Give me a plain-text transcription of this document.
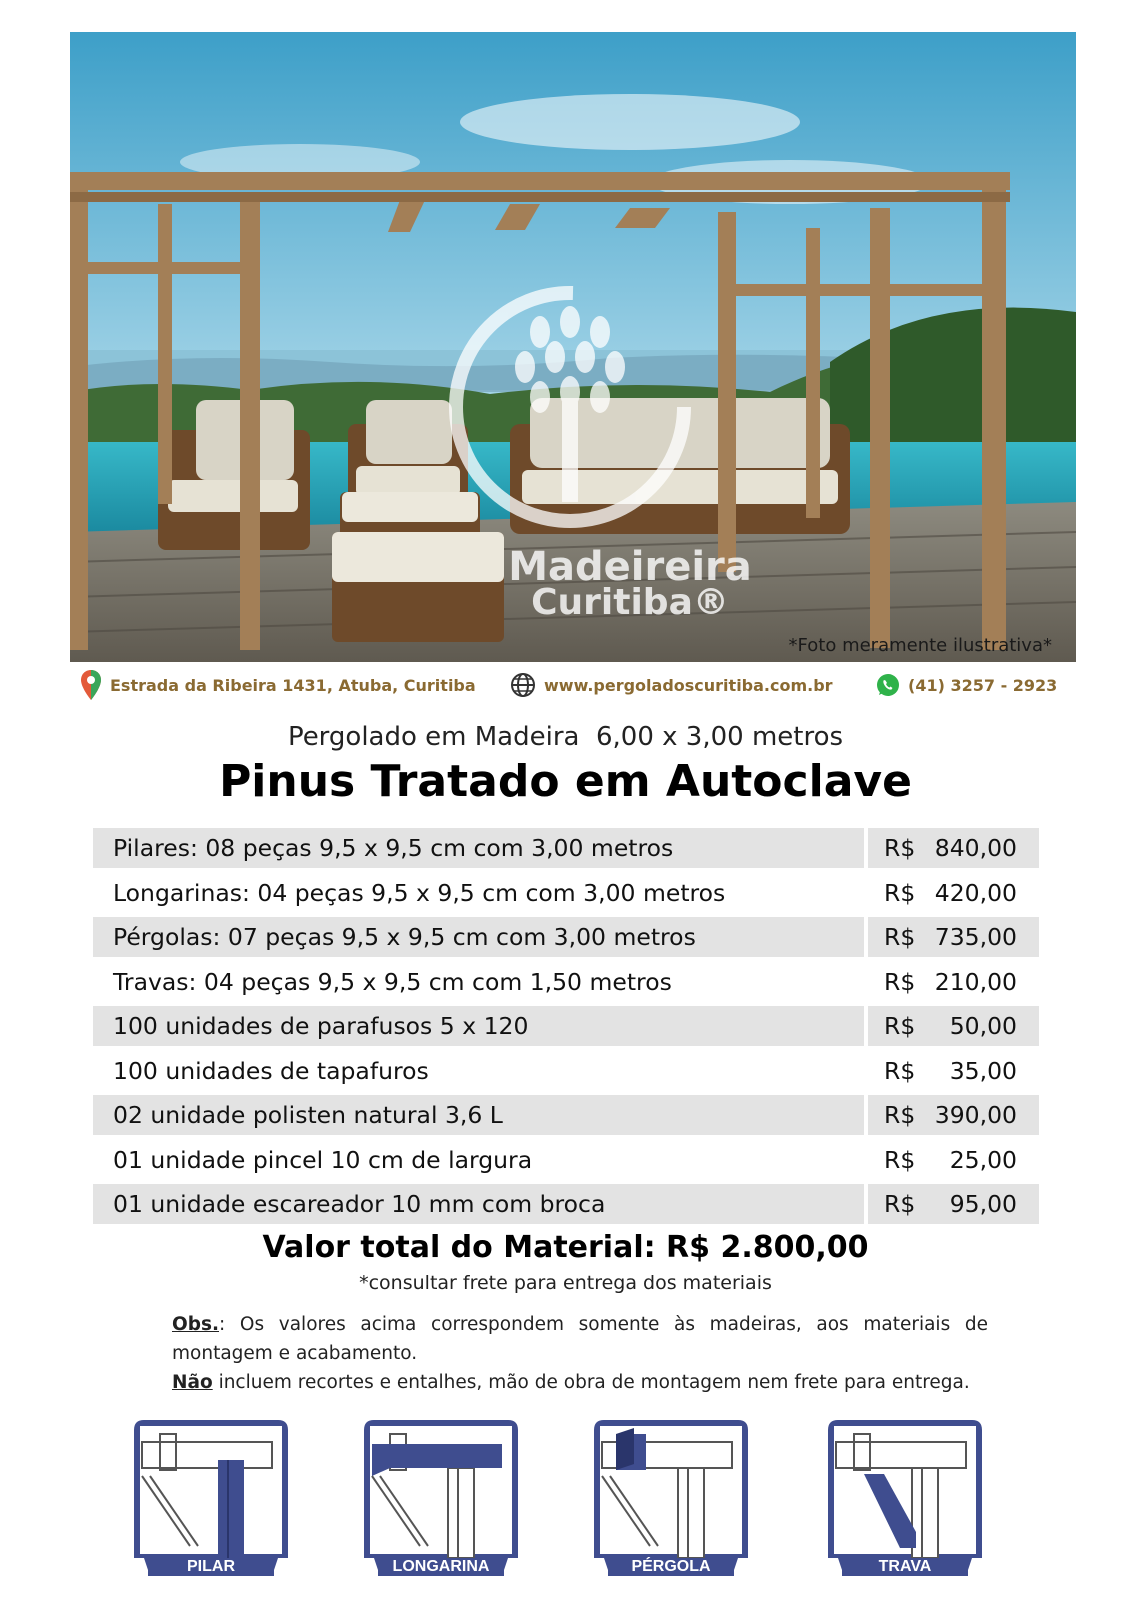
Madeireira
Curitiba®
*Foto meramente ilustrativa*
Estrada da Ribeira 1431, Atuba, Curitiba	www.pergoladoscuritiba.com.br	(41) 3257 - 2923
Pergolado em Madeira  6,00 x 3,00 metros
Pinus Tratado em Autoclave
Pilares: 08 peças 9,5 x 9,5 cm com 3,00 metros	R$ 840,00
Longarinas: 04 peças 9,5 x 9,5 cm com 3,00 metros	R$ 420,00
Pérgolas: 07 peças 9,5 x 9,5 cm com 3,00 metros	R$ 735,00
Travas: 04 peças 9,5 x 9,5 cm com 1,50 metros	R$ 210,00
100 unidades de parafusos 5 x 120	R$	50,00
100 unidades de tapafuros	R$	35,00
02 unidade polisten natural 3,6 L	R$ 390,00
01 unidade pincel 10 cm de largura	R$	25,00
01 unidade escareador 10 mm com broca	R$	95,00
Valor total do Material: R$ 2.800,00
*consultar frete para entrega dos materiais

Obs.: Os valores acima correspondem somente às madeiras, aos materiais de montagem e acabamento.

Não incluem recortes e entalhes, mão de obra de montagem nem frete para entrega.

PILAR	LONGARINA	PÉRGOLA	TRAVA
